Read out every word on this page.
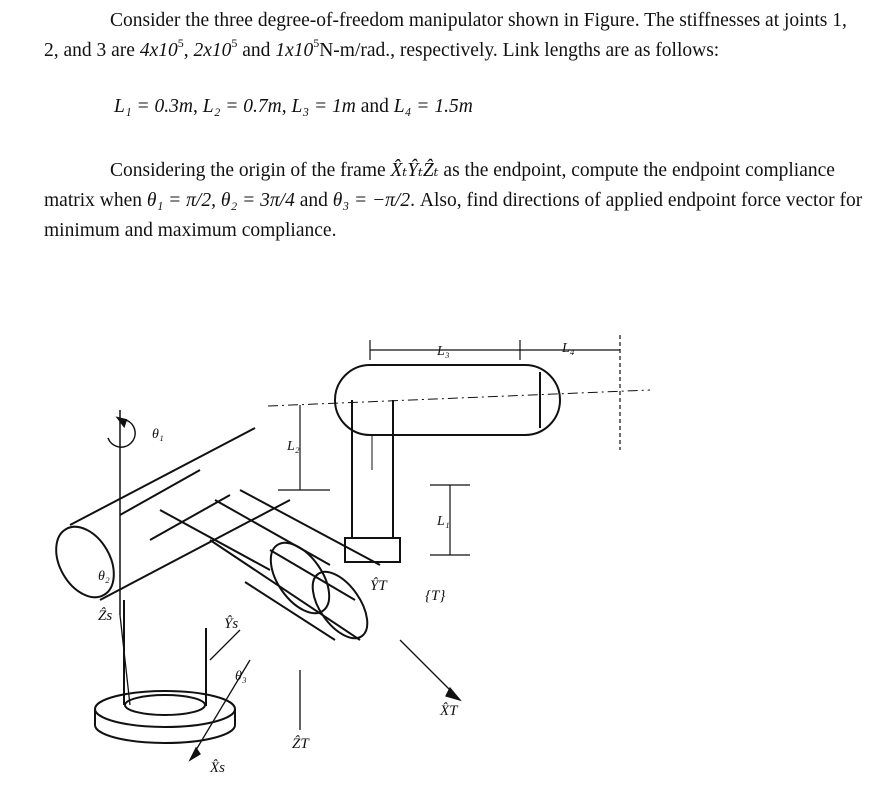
Consider the three degree-of-freedom manipulator shown in Figure. The stiffnesses at joints 1, 2, and 3 are $4x10^5$, $2x10^5$ and $1x10^5N-m$/rad., respectively. Link lengths are as follows:

L₁ = 0.3m, L₂ = 0.7m, L₃ = 1m and L₄ = 1.5m

Considering the origin of the frame X̂ₜŶₜẐₜ as the endpoint, compute the endpoint compliance matrix when θ₁ = π/2, θ₂ = 3π/4 and θ₃ = −π/2. Also, find directions of applied endpoint force vector for minimum and maximum compliance.

L₃	L₄
L₂
L₁
θ₁
θ₂
θ₃
Ẑs	Ŷs
X̂s
ŶT
{T}
X̂T
ẐT
